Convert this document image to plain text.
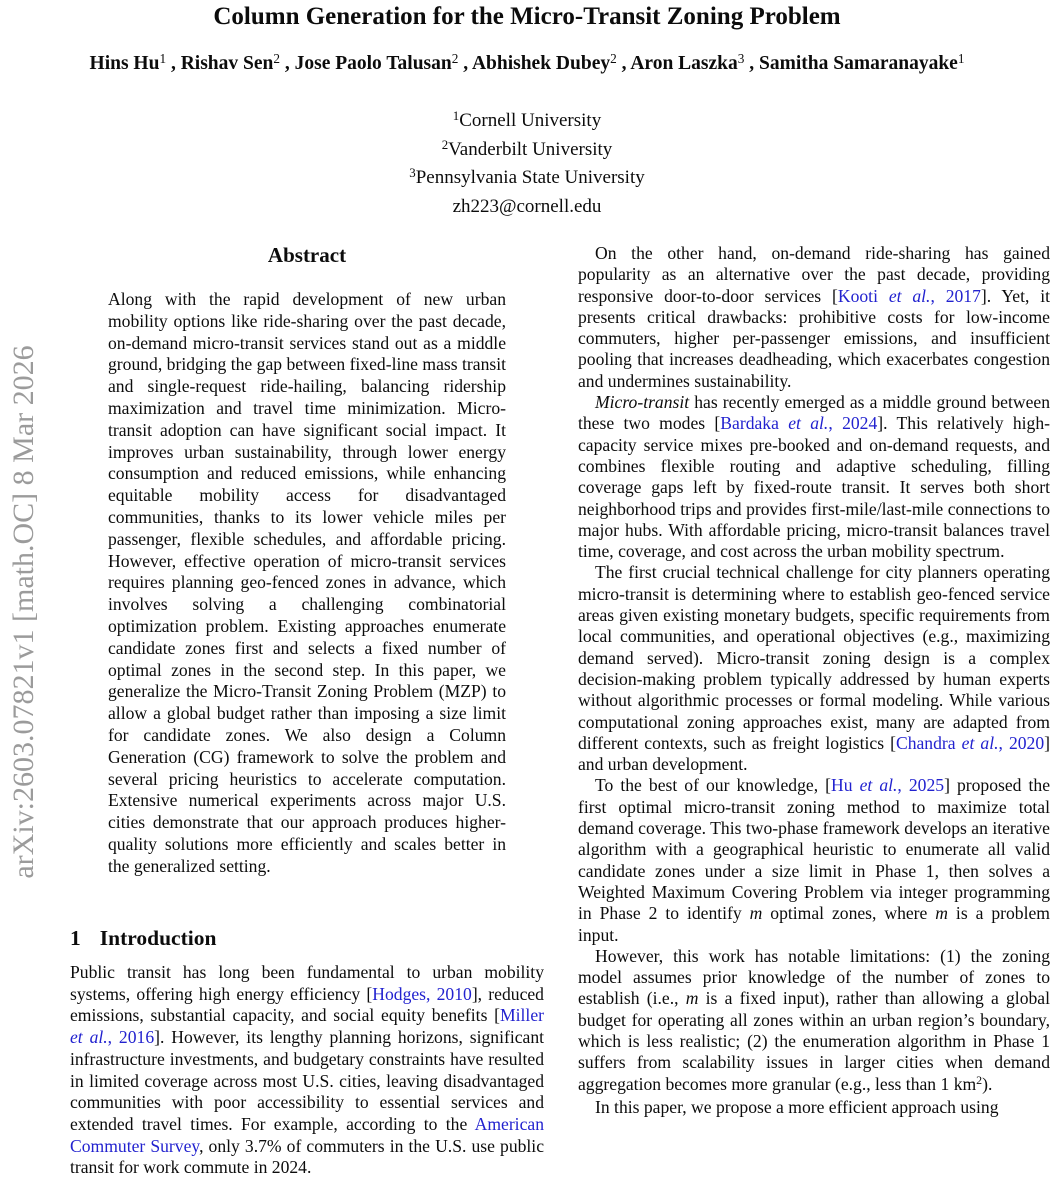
arXiv:2603.07821v1 [math.OC] 8 Mar 2026
Column Generation for the Micro-Transit Zoning Problem
Hins Hu$^1$ , Rishav Sen$^2$ , Jose Paolo Talusan$^2$ , Abhishek Dubey$^2$ , Aron Laszka$^3$ , Samitha Samaranayake$^1$
$^1$Cornell University
$^2$Vanderbilt University
$^3$Pennsylvania State University
zh223@cornell.edu
Abstract

Along with the rapid development of new urban mobility options like ride-sharing over the past decade, on-demand micro-transit services stand out as a middle ground, bridging the gap between fixed-line mass transit and single-request ride-hailing, balancing ridership maximization and travel time minimization. Micro-transit adoption can have significant social impact. It improves urban sustainability, through lower energy consumption and reduced emissions, while enhancing equitable mobility access for disadvantaged communities, thanks to its lower vehicle miles per passenger, flexible schedules, and affordable pricing. However, effective operation of micro-transit services requires planning geo-fenced zones in advance, which involves solving a challenging combinatorial optimization problem. Existing approaches enumerate candidate zones first and selects a fixed number of optimal zones in the second step. In this paper, we generalize the Micro-Transit Zoning Problem (MZP) to allow a global budget rather than imposing a size limit for candidate zones. We also design a Column Generation (CG) framework to solve the problem and several pricing heuristics to accelerate computation. Extensive numerical experiments across major U.S. cities demonstrate that our approach produces higher-quality solutions more efficiently and scales better in the generalized setting.

1 Introduction

Public transit has long been fundamental to urban mobility systems, offering high energy efficiency [Hodges, 2010], reduced emissions, substantial capacity, and social equity benefits [Miller et al., 2016]. However, its lengthy planning horizons, significant infrastructure investments, and budgetary constraints have resulted in limited coverage across most U.S. cities, leaving disadvantaged communities with poor accessibility to essential services and extended travel times. For example, according to the American Commuter Survey, only 3.7% of commuters in the U.S. use public transit for work commute in 2024.

On the other hand, on-demand ride-sharing has gained popularity as an alternative over the past decade, providing responsive door-to-door services [Kooti et al., 2017]. Yet, it presents critical drawbacks: prohibitive costs for low-income commuters, higher per-passenger emissions, and insufficient pooling that increases deadheading, which exacerbates congestion and undermines sustainability.

Micro-transit has recently emerged as a middle ground between these two modes [Bardaka et al., 2024]. This relatively high-capacity service mixes pre-booked and on-demand requests, and combines flexible routing and adaptive scheduling, filling coverage gaps left by fixed-route transit. It serves both short neighborhood trips and provides first-mile/last-mile connections to major hubs. With affordable pricing, micro-transit balances travel time, coverage, and cost across the urban mobility spectrum.

The first crucial technical challenge for city planners operating micro-transit is determining where to establish geo-fenced service areas given existing monetary budgets, specific requirements from local communities, and operational objectives (e.g., maximizing demand served). Micro-transit zoning design is a complex decision-making problem typically addressed by human experts without algorithmic processes or formal modeling. While various computational zoning approaches exist, many are adapted from different contexts, such as freight logistics [Chandra et al., 2020] and urban development.

To the best of our knowledge, [Hu et al., 2025] proposed the first optimal micro-transit zoning method to maximize total demand coverage. This two-phase framework develops an iterative algorithm with a geographical heuristic to enumerate all valid candidate zones under a size limit in Phase 1, then solves a Weighted Maximum Covering Problem via integer programming in Phase 2 to identify m optimal zones, where m is a problem input.

However, this work has notable limitations: (1) the zoning model assumes prior knowledge of the number of zones to establish (i.e., m is a fixed input), rather than allowing a global budget for operating all zones within an urban region’s boundary, which is less realistic; (2) the enumeration algorithm in Phase 1 suffers from scalability issues in larger cities when demand aggregation becomes more granular (e.g., less than 1 $km^2$).

In this paper, we propose a more efficient approach using
